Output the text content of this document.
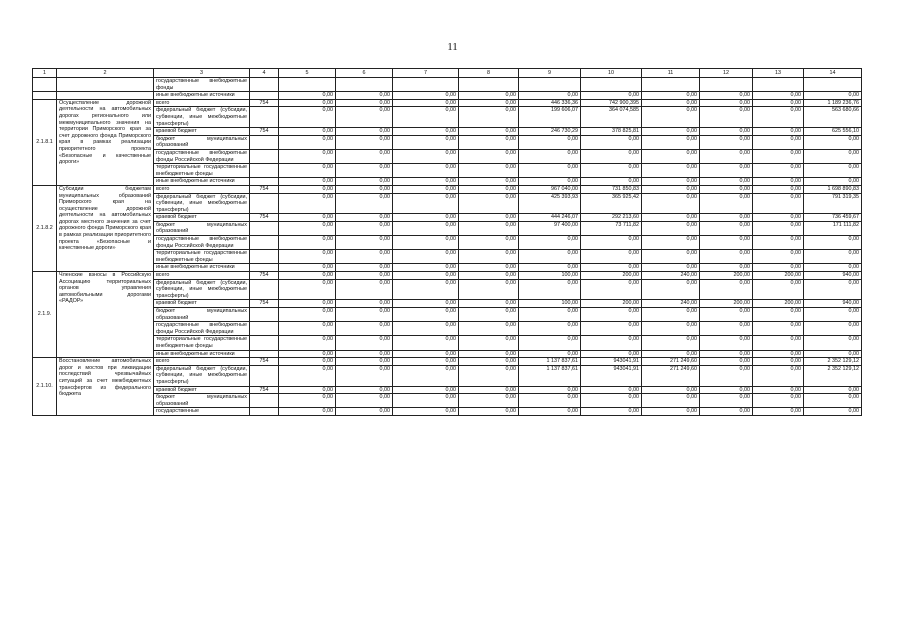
11
1	2	3	4	5	6	7	8	9	10	11	12	13	14
		государственные внебюджетные фонды											
		иные внебюджетные источники		0,00	0,00	0,00	0,00	0,00	0,00	0,00	0,00	0,00	0,00
2.1.8.1	Осуществление дорожной деятельности на автомобильных дорогах регионального или межмуниципального значения на территории Приморского края за счет дорожного фонда Приморского края в рамках реализации приоритетного проекта «Безопасные и качественные дороги»	всего	754	0,00	0,00	0,00	0,00	446 336,36	742 900,395	0,00	0,00	0,00	1 189 236,76
		федеральный бюджет (субсидии, субвенции, иные межбюджетные трансферты)		0,00	0,00	0,00	0,00	199 606,07	364 074,585	0,00	0,00	0,00	563 680,66
		краевой бюджет	754	0,00	0,00	0,00	0,00	246 730,29	378 825,81	0,00	0,00	0,00	625 556,10
		бюджет муниципальных образований		0,00	0,00	0,00	0,00	0,00	0,00	0,00	0,00	0,00	0,00
		государственные внебюджетные фонды Российской Федерации		0,00	0,00	0,00	0,00	0,00	0,00	0,00	0,00	0,00	0,00
		территориальные государственные внебюджетные фонды		0,00	0,00	0,00	0,00	0,00	0,00	0,00	0,00	0,00	0,00
		иные внебюджетные источники		0,00	0,00	0,00	0,00	0,00	0,00	0,00	0,00	0,00	0,00
2.1.8.2	Субсидии бюджетам муниципальных образований Приморского края на осуществление дорожной деятельности на автомобильных дорогах местного значения за счет дорожного фонда Приморского края в рамках реализации приоритетного проекта «Безопасные и качественные дороги»	всего	754	0,00	0,00	0,00	0,00	967 040,00	731 850,83	0,00	0,00	0,00	1 698 890,83
		федеральный бюджет (субсидии, субвенции, иные межбюджетные трансферты)		0,00	0,00	0,00	0,00	425 393,93	365 925,42	0,00	0,00	0,00	791 319,35
		краевой бюджет	754	0,00	0,00	0,00	0,00	444 246,07	292 213,60	0,00	0,00	0,00	736 459,67
		бюджет муниципальных образований		0,00	0,00	0,00	0,00	97 400,00	73 711,82	0,00	0,00	0,00	171 111,82
		государственные внебюджетные фонды Российской Федерации		0,00	0,00	0,00	0,00	0,00	0,00	0,00	0,00	0,00	0,00
		территориальные государственные внебюджетные фонды		0,00	0,00	0,00	0,00	0,00	0,00	0,00	0,00	0,00	0,00
		иные внебюджетные источники		0,00	0,00	0,00	0,00	0,00	0,00	0,00	0,00	0,00	0,00
2.1.9.	Членские взносы в Российскую Ассоциацию территориальных органов управления автомобильными дорогами «РАДОР»	всего	754	0,00	0,00	0,00	0,00	100,00	200,00	240,00	200,00	200,00	940,00
		федеральный бюджет (субсидии, субвенции, иные межбюджетные трансферты)		0,00	0,00	0,00	0,00	0,00	0,00	0,00	0,00	0,00	0,00
		краевой бюджет	754	0,00	0,00	0,00	0,00	100,00	200,00	240,00	200,00	200,00	940,00
		бюджет муниципальных образований		0,00	0,00	0,00	0,00	0,00	0,00	0,00	0,00	0,00	0,00
		государственные внебюджетные фонды Российской Федерации		0,00	0,00	0,00	0,00	0,00	0,00	0,00	0,00	0,00	0,00
		территориальные государственные внебюджетные фонды		0,00	0,00	0,00	0,00	0,00	0,00	0,00	0,00	0,00	0,00
		иные внебюджетные источники		0,00	0,00	0,00	0,00	0,00	0,00	0,00	0,00	0,00	0,00
2.1.10.	Восстановление автомобильных дорог и мостов при ликвидации последствий чрезвычайных ситуаций за счет межбюджетных трансфертов из федерального бюджета	всего	754	0,00	0,00	0,00	0,00	1 137 837,61	943041,91	271 249,60	0,00	0,00	2 352 129,12
		федеральный бюджет (субсидии, субвенции, иные межбюджетные трансферты)		0,00	0,00	0,00	0,00	1 137 837,61	943041,91	271 249,60	0,00	0,00	2 352 129,12
		краевой бюджет	754	0,00	0,00	0,00	0,00	0,00	0,00	0,00	0,00	0,00	0,00
		бюджет муниципальных образований		0,00	0,00	0,00	0,00	0,00	0,00	0,00	0,00	0,00	0,00
		государственные		0,00	0,00	0,00	0,00	0,00	0,00	0,00	0,00	0,00	0,00
